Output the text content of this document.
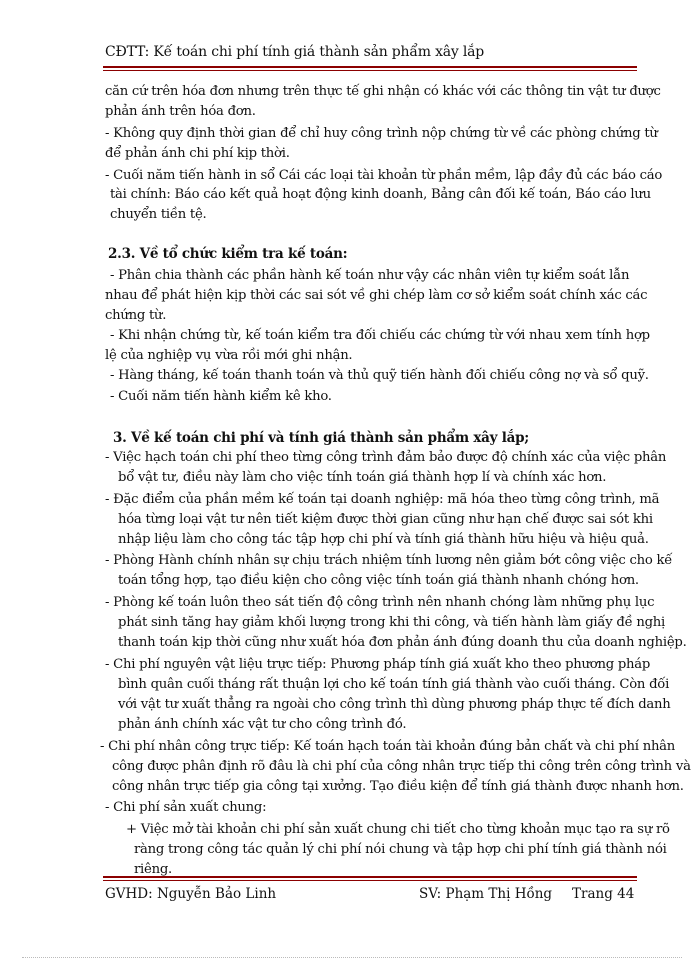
CĐTT: Kế toán chi phí tính giá thành sản phẩm xây lắp
căn cứ trên hóa đơn nhưng trên thực tế ghi nhận có khác với các thông tin vật tư được
phản ánh trên hóa đơn.
- Không quy định thời gian để chỉ huy công trình nộp chứng từ về các phòng chứng từ
để phản ánh chi phí kịp thời.
- Cuối năm tiến hành in sổ Cái các loại tài khoản từ phần mềm, lập đầy đủ các báo cáo
tài chính: Báo cáo kết quả hoạt động kinh doanh, Bảng cân đối kế toán, Báo cáo lưu
chuyển tiền tệ.
2.3. Về tổ chức kiểm tra kế toán:
- Phân chia thành các phần hành kế toán như vậy các nhân viên tự kiểm soát lẫn
nhau để phát hiện kịp thời các sai sót về ghi chép làm cơ sở kiểm soát chính xác các
chứng từ.
- Khi nhận chứng từ, kế toán kiểm tra đối chiếu các chứng từ với nhau xem tính hợp
lệ của nghiệp vụ vừa rồi mới ghi nhận.
- Hàng tháng, kế toán thanh toán và thủ quỹ tiến hành đối chiếu công nợ và sổ quỹ.
- Cuối năm tiến hành kiểm kê kho.
3. Về kế toán chi phí và tính giá thành sản phẩm xây lắp;
- Việc hạch toán chi phí theo từng công trình đảm bảo được độ chính xác của việc phân
bổ vật tư, điều này làm cho việc tính toán giá thành hợp lí và chính xác hơn.
- Đặc điểm của phần mềm kế toán tại doanh nghiệp: mã hóa theo từng công trình, mã
hóa từng loại vật tư nên tiết kiệm được thời gian cũng như hạn chế được sai sót khi
nhập liệu làm cho công tác tập hợp chi phí và tính giá thành hữu hiệu và hiệu quả.
- Phòng Hành chính nhân sự chịu trách nhiệm tính lương nên giảm bớt công việc cho kế
toán tổng hợp, tạo điều kiện cho công việc tính toán giá thành nhanh chóng hơn.
- Phòng kế toán luôn theo sát tiến độ công trình nên nhanh chóng làm những phụ lục
phát sinh tăng hay giảm khối lượng trong khi thi công, và tiến hành làm giấy đề nghị
thanh toán kịp thời cũng như xuất hóa đơn phản ánh đúng doanh thu của doanh nghiệp.
- Chi phí nguyên vật liệu trực tiếp: Phương pháp tính giá xuất kho theo phương pháp
bình quân cuối tháng rất thuận lợi cho kế toán tính giá thành vào cuối tháng. Còn đối
với vật tư xuất thẳng ra ngoài cho công trình thì dùng phương pháp thực tế đích danh
phản ánh chính xác vật tư cho công trình đó.
- Chi phí nhân công trực tiếp: Kế toán hạch toán tài khoản đúng bản chất và chi phí nhân
công được phân định rõ đâu là chi phí của công nhân trực tiếp thi công trên công trình và
công nhân trực tiếp gia công tại xưởng. Tạo điều kiện để tính giá thành được nhanh hơn.
- Chi phí sản xuất chung:
+ Việc mở tài khoản chi phí sản xuất chung chi tiết cho từng khoản mục tạo ra sự rõ
ràng trong công tác quản lý chi phí nói chung và tập hợp chi phí tính giá thành nói
riêng.
GVHD: Nguyễn Bảo Linh	SV: Phạm Thị Hồng Trang 44
